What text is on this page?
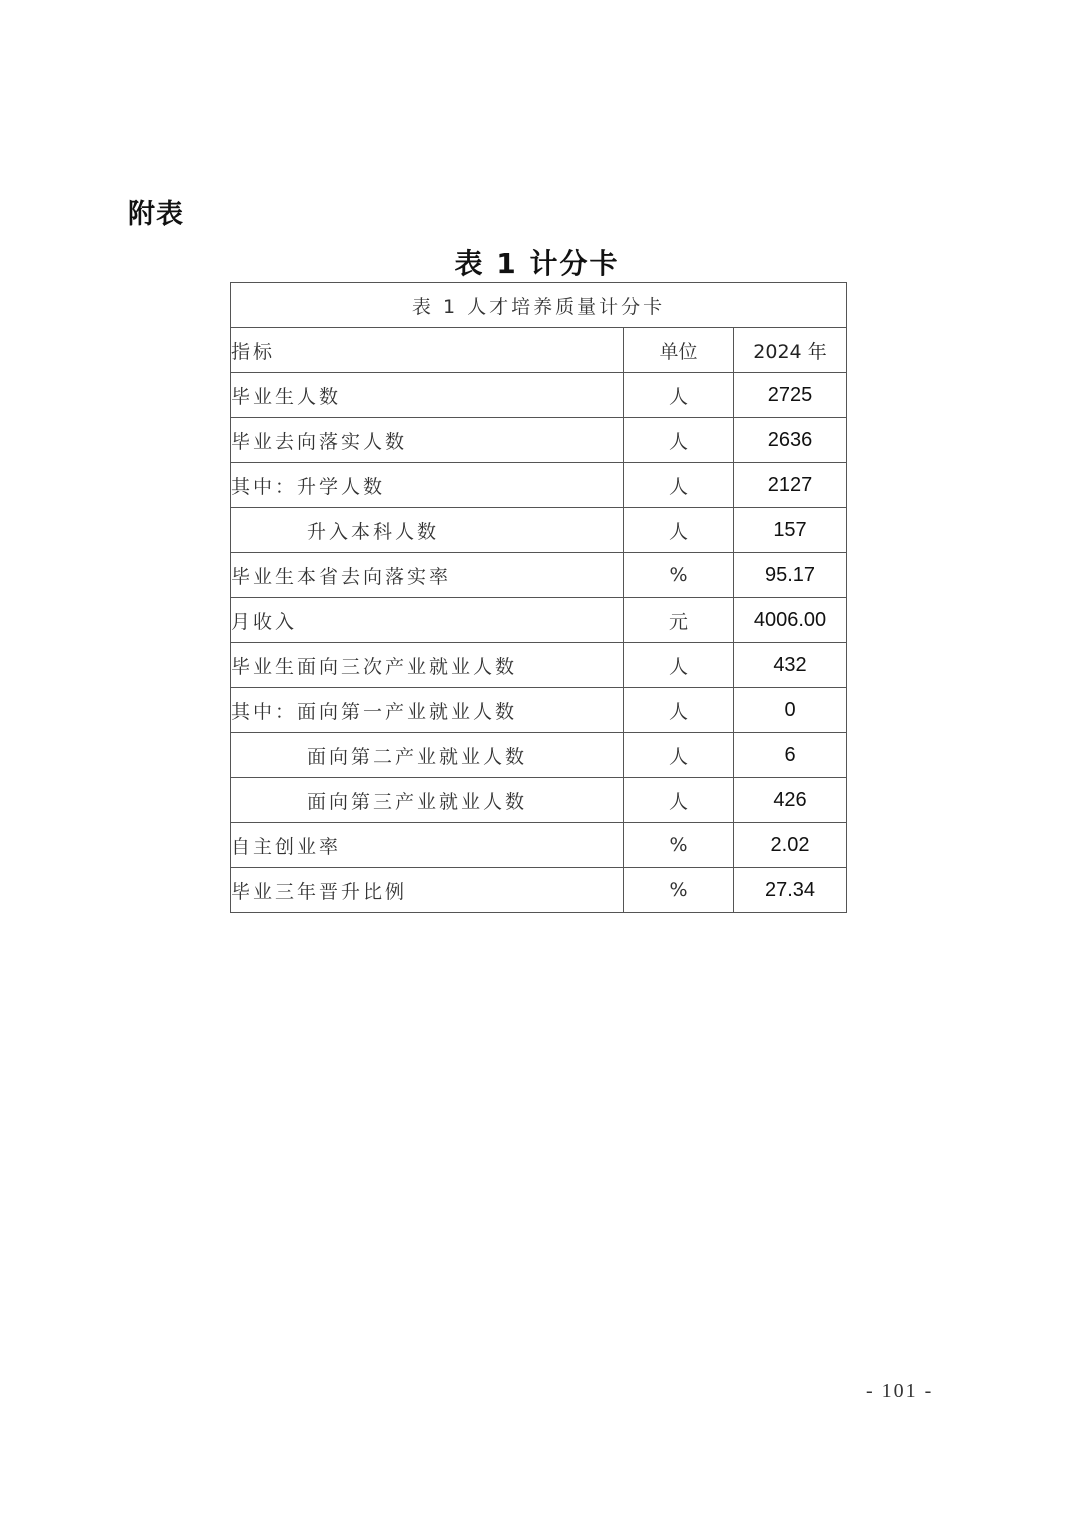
附表
表 1 计分卡
表 1 人才培养质量计分卡		
指标	单位	2024 年
毕业生人数	人	2725
毕业去向落实人数	人	2636
其中：升学人数	人	2127
升入本科人数	人	157
毕业生本省去向落实率	%	95.17
月收入	元	4006.00
毕业生面向三次产业就业人数	人	432
其中：面向第一产业就业人数	人	0
面向第二产业就业人数	人	6
面向第三产业就业人数	人	426
自主创业率	%	2.02
毕业三年晋升比例	%	27.34
- 101 -
